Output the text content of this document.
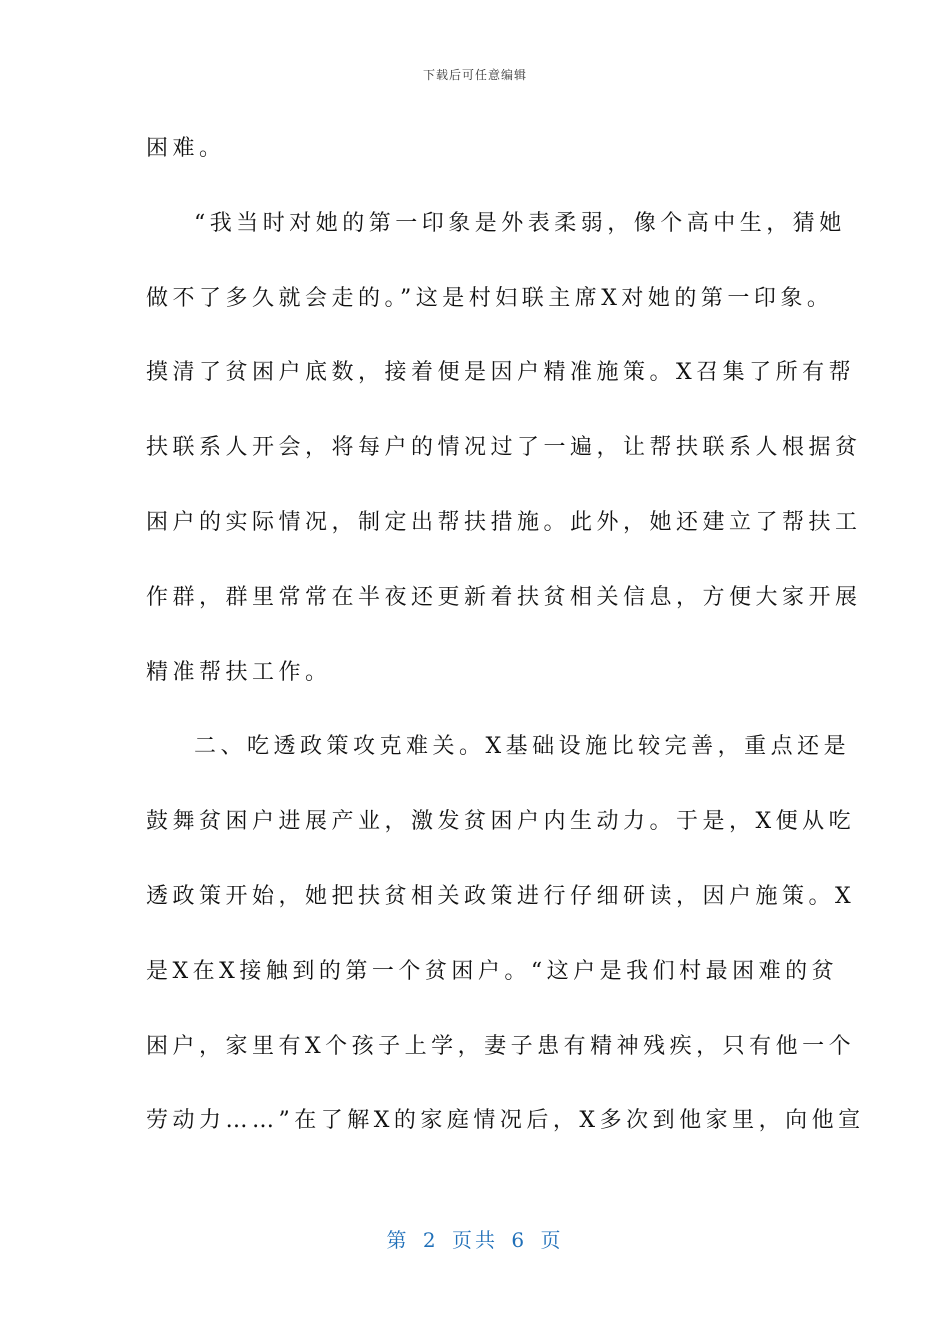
下载后可任意编辑
困难。
“我当时对她的第一印象是外表柔弱，像个高中生，猜她
做不了多久就会走的。”这是村妇联主席X对她的第一印象。
摸清了贫困户底数，接着便是因户精准施策。X召集了所有帮
扶联系人开会，将每户的情况过了一遍，让帮扶联系人根据贫
困户的实际情况，制定出帮扶措施。此外，她还建立了帮扶工
作群，群里常常在半夜还更新着扶贫相关信息，方便大家开展
精准帮扶工作。
二、吃透政策攻克难关。X基础设施比较完善，重点还是
鼓舞贫困户进展产业，激发贫困户内生动力。于是，X便从吃
透政策开始，她把扶贫相关政策进行仔细研读，因户施策。X
是X在X接触到的第一个贫困户。“这户是我们村最困难的贫
困户，家里有X个孩子上学，妻子患有精神残疾，只有他一个
劳动力……”在了解X的家庭情况后，X多次到他家里，向他宣
第 2 页共 6 页
